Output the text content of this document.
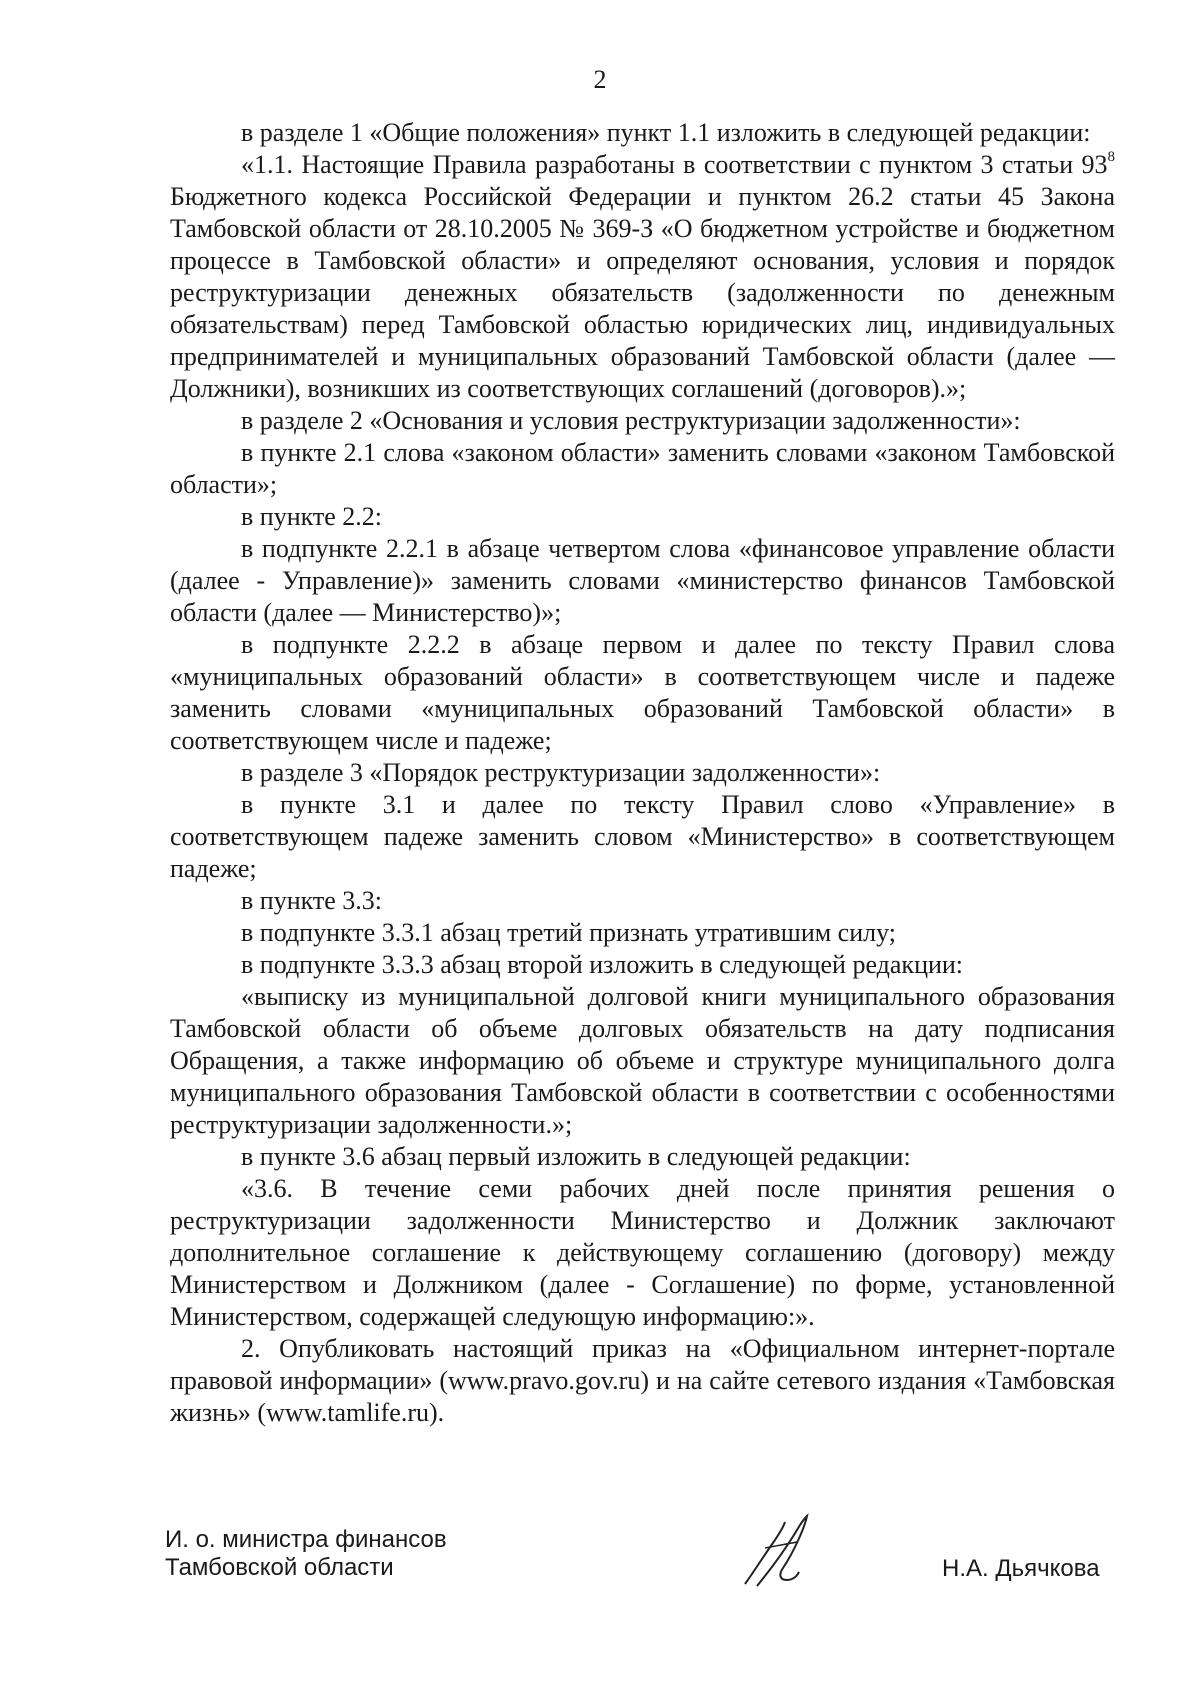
2

в разделе 1 «Общие положения» пункт 1.1 изложить в следующей редакции:

«1.1. Настоящие Правила разработаны в соответствии с пунктом 3 статьи $93^8$ Бюджетного кодекса Российской Федерации и пунктом 26.2 статьи 45 Закона Тамбовской области от 28.10.2005 № 369-З «О бюджетном устройстве и бюджетном процессе в Тамбовской области» и определяют основания, условия и порядок реструктуризации денежных обязательств (задолженности по денежным обязательствам) перед Тамбовской областью юридических лиц, индивидуальных предпринимателей и муниципальных образований Тамбовской области (далее — Должники), возникших из соответствующих соглашений (договоров).»;

в разделе 2 «Основания и условия реструктуризации задолженности»:

в пункте 2.1 слова «законом области» заменить словами «законом Тамбовской области»;

в пункте 2.2:

в подпункте 2.2.1 в абзаце четвертом слова «финансовое управление области (далее - Управление)» заменить словами «министерство финансов Тамбовской области (далее — Министерство)»;

в подпункте 2.2.2 в абзаце первом и далее по тексту Правил слова «муниципальных образований области» в соответствующем числе и падеже заменить словами «муниципальных образований Тамбовской области» в соответствующем числе и падеже;

в разделе 3 «Порядок реструктуризации задолженности»:

в пункте 3.1 и далее по тексту Правил слово «Управление» в соответствующем падеже заменить словом «Министерство» в соответствующем падеже;

в пункте 3.3:

в подпункте 3.3.1 абзац третий признать утратившим силу;

в подпункте 3.3.3 абзац второй изложить в следующей редакции:

«выписку из муниципальной долговой книги муниципального образования Тамбовской области об объеме долговых обязательств на дату подписания Обращения, а также информацию об объеме и структуре муниципального долга муниципального образования Тамбовской области в соответствии с особенностями реструктуризации задолженности.»;

в пункте 3.6 абзац первый изложить в следующей редакции:

«3.6. В течение семи рабочих дней после принятия решения о реструктуризации задолженности Министерство и Должник заключают дополнительное соглашение к действующему соглашению (договору) между Министерством и Должником (далее - Соглашение) по форме, установленной Министерством, содержащей следующую информацию:».

2. Опубликовать настоящий приказ на «Официальном интернет-портале правовой информации» (www.pravo.gov.ru) и на сайте сетевого издания «Тамбовская жизнь» (www.tamlife.ru).

И. о. министра финансов
Тамбовской области	Н.А. Дьячкова
